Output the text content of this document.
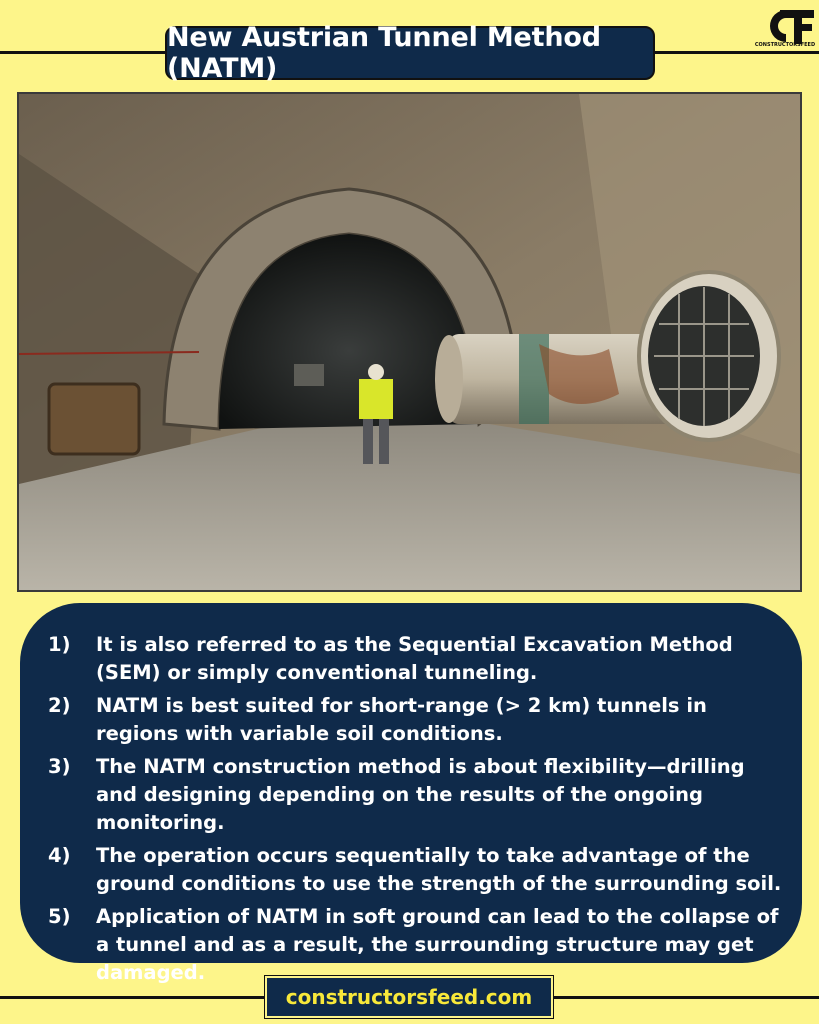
New Austrian Tunnel Method (NATM)
CONSTRUCTORSFEED
1)	It is also referred to as the Sequential Excavation Method (SEM) or simply conventional tunneling.
2)	NATM is best suited for short-range (> 2 km) tunnels in regions with variable soil conditions.
3)	The NATM construction method is about flexibility—drilling and designing depending on the results of the ongoing monitoring.
4)	The operation occurs sequentially to take advantage of the ground conditions to use the strength of the surrounding soil.
5)	Application of NATM in soft ground can lead to the collapse of a tunnel and as a result, the surrounding structure may get damaged.
constructorsfeed.com
